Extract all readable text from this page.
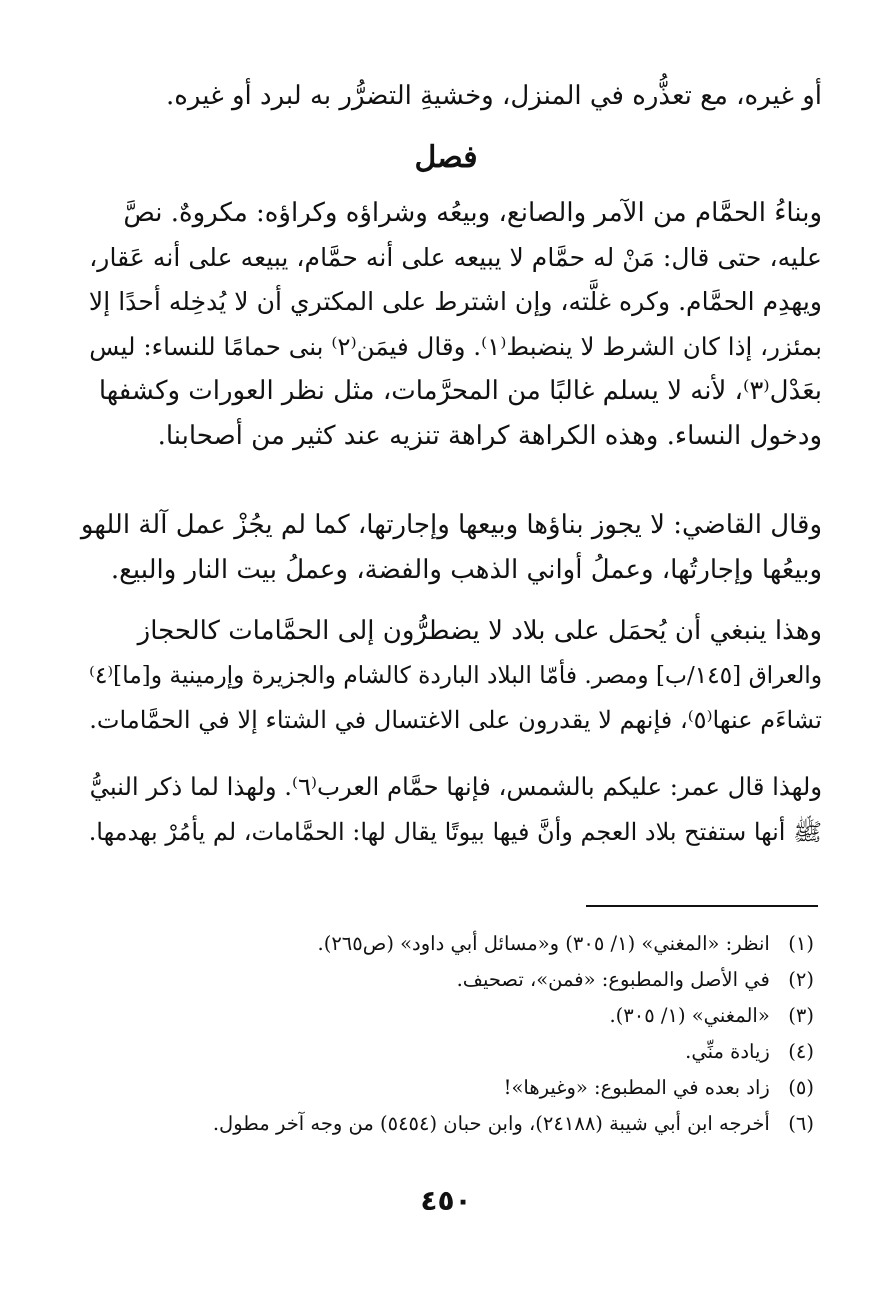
أو غيره، مع تعذُّره في المنزل، وخشيةِ التضرُّر به لبرد أو غيره.

فصل

وبناءُ الحمَّام من الآمر والصانع، وبيعُه وشراؤه وكراؤه: مكروهٌ. نصَّ
عليه، حتى قال: مَنْ له حمَّام لا يبيعه على أنه حمَّام، يبيعه على أنه عَقار،
ويهدِم الحمَّام. وكره غلَّته، وإن اشترط على المكتري أن لا يُدخِله أحدًا إلا
بمئزر، إذا كان الشرط لا ينضبط⁽١⁾. وقال فيمَن⁽٢⁾ بنى حمامًا للنساء: ليس
بعَدْل⁽٣⁾، لأنه لا يسلم غالبًا من المحرَّمات، مثل نظر العورات وكشفها
ودخول النساء. وهذه الكراهة كراهة تنزيه عند كثير من أصحابنا.

وقال القاضي: لا يجوز بناؤها وبيعها وإجارتها، كما لم يجُزْ عمل آلة اللهو
وبيعُها وإجارتُها، وعملُ أواني الذهب والفضة، وعملُ بيت النار والبيع.

وهذا ينبغي أن يُحمَل على بلاد لا يضطرُّون إلى الحمَّامات كالحجاز
والعراق [١٤٥/ب] ومصر. فأمّا البلاد الباردة كالشام والجزيرة وإرمينية و[ما]⁽٤⁾
تشاءَم عنها⁽٥⁾، فإنهم لا يقدرون على الاغتسال في الشتاء إلا في الحمَّامات.

ولهذا قال عمر: عليكم بالشمس، فإنها حمَّام العرب⁽٦⁾. ولهذا لما ذكر النبيُّ
ﷺ أنها ستفتح بلاد العجم وأنَّ فيها بيوتًا يقال لها: الحمَّامات، لم يأمُرْ بهدمها.

(١) انظر: «المغني» (١/ ٣٠٥) و«مسائل أبي داود» (ص٢٦٥).
(٢) في الأصل والمطبوع: «فمن»، تصحيف.
(٣) «المغني» (١/ ٣٠٥).
(٤) زيادة منِّي.
(٥) زاد بعده في المطبوع: «وغيرها»!
(٦) أخرجه ابن أبي شيبة (٢٤١٨٨)، وابن حبان (٥٤٥٤) من وجه آخر مطول.
٤٥٠
